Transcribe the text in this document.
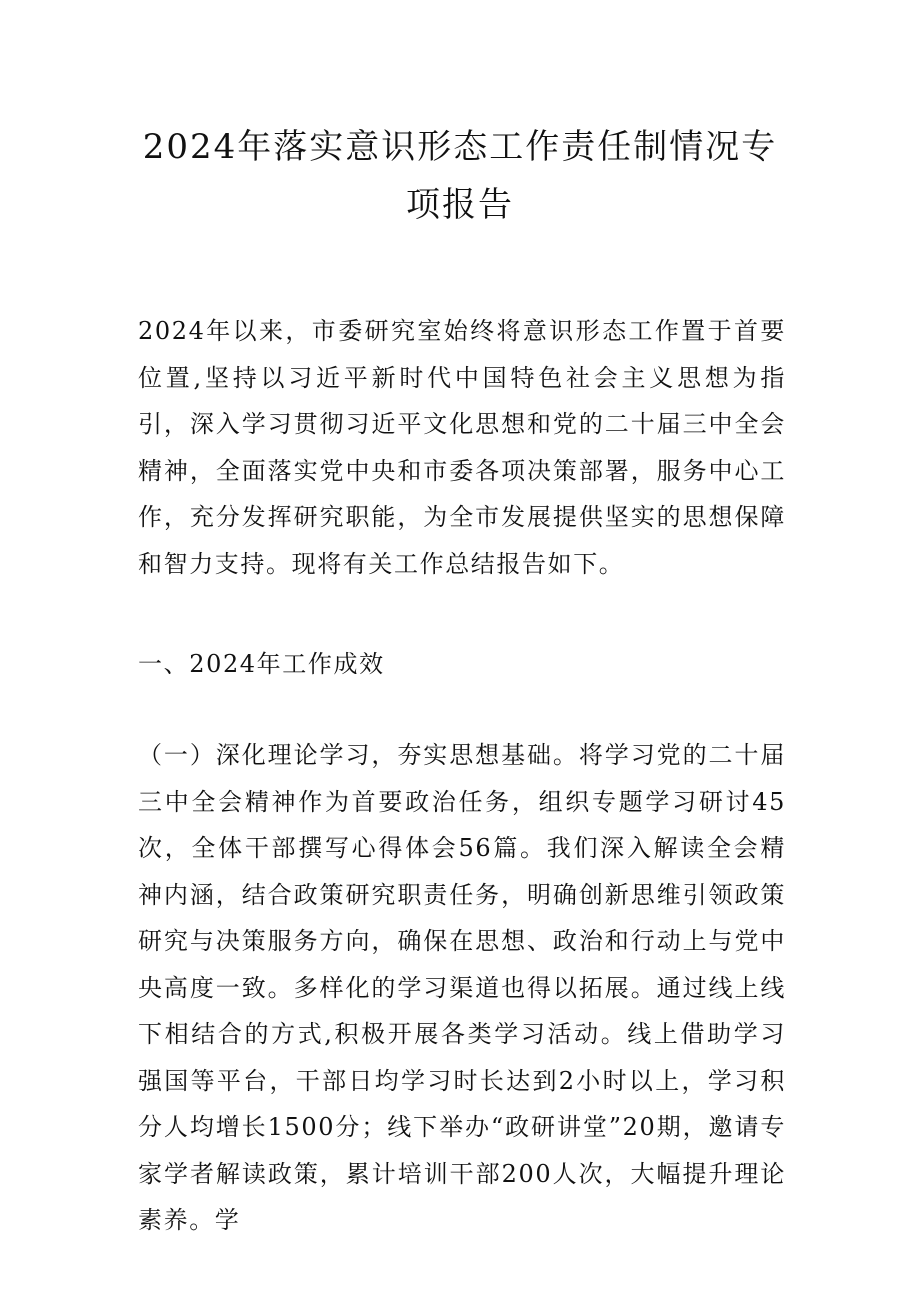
2024年落实意识形态工作责任制情况专项报告

2024年以来，市委研究室始终将意识形态工作置于首要位置,坚持以习近平新时代中国特色社会主义思想为指引，深入学习贯彻习近平文化思想和党的二十届三中全会精神，全面落实党中央和市委各项决策部署，服务中心工作，充分发挥研究职能，为全市发展提供坚实的思想保障和智力支持。现将有关工作总结报告如下。

一、2024年工作成效

（一）深化理论学习，夯实思想基础。将学习党的二十届三中全会精神作为首要政治任务，组织专题学习研讨45次，全体干部撰写心得体会56篇。我们深入解读全会精神内涵，结合政策研究职责任务，明确创新思维引领政策研究与决策服务方向，确保在思想、政治和行动上与党中央高度一致。多样化的学习渠道也得以拓展。通过线上线下相结合的方式,积极开展各类学习活动。线上借助学习强国等平台，干部日均学习时长达到2小时以上，学习积分人均增长1500分；线下举办“政研讲堂”20期，邀请专家学者解读政策，累计培训干部200人次，大幅提升理论素养。学
